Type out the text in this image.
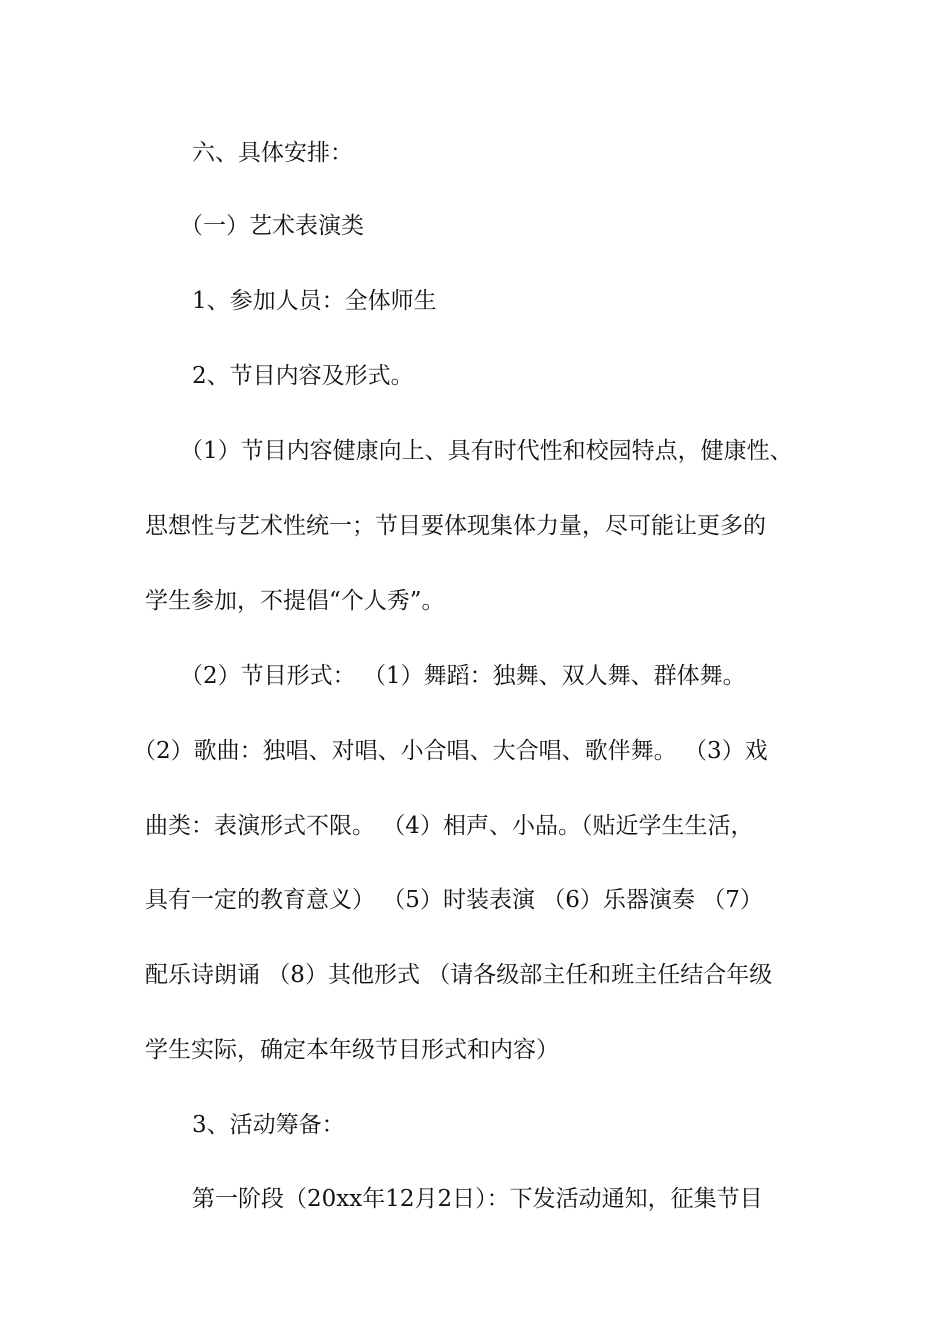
六、具体安排：
（一）艺术表演类
1、参加人员：全体师生
2、节目内容及形式。
（1）节目内容健康向上、具有时代性和校园特点，健康性、
思想性与艺术性统一；节目要体现集体力量，尽可能让更多的
学生参加，不提倡“个人秀”。
（2）节目形式： （1）舞蹈：独舞、双人舞、群体舞。
（2）歌曲：独唱、对唱、小合唱、大合唱、歌伴舞。 （3）戏
曲类：表演形式不限。 （4）相声、小品。（贴近学生生活，
具有一定的教育意义） （5）时装表演 （6）乐器演奏 （7）
配乐诗朗诵 （8）其他形式 （请各级部主任和班主任结合年级
学生实际，确定本年级节目形式和内容）
3、活动筹备：
第一阶段（20xx年12月2日）：下发活动通知，征集节目
